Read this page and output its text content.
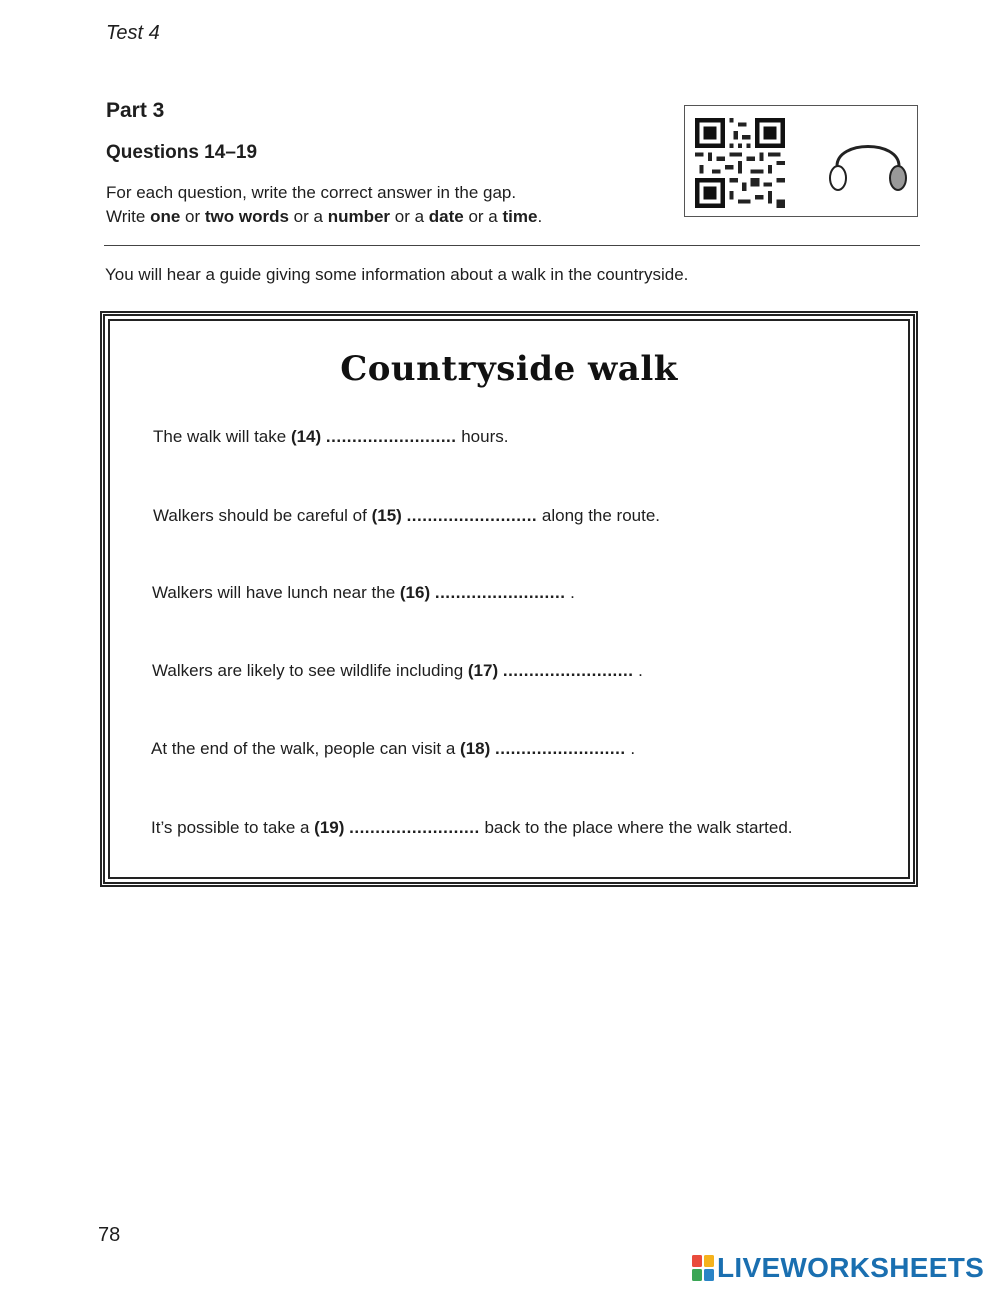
Test 4
Part 3
Questions 14–19
For each question, write the correct answer in the gap.
Write one or two words or a number or a date or a time.
You will hear a guide giving some information about a walk in the countryside.
Countryside walk
The walk will take (14) ......................... hours.
Walkers should be careful of (15) ......................... along the route.
Walkers will have lunch near the (16) ......................... .
Walkers are likely to see wildlife including (17) ......................... .
At the end of the walk, people can visit a (18) ......................... .
It’s possible to take a (19) ......................... back to the place where the walk started.
78
LIVEWORKSHEETS
